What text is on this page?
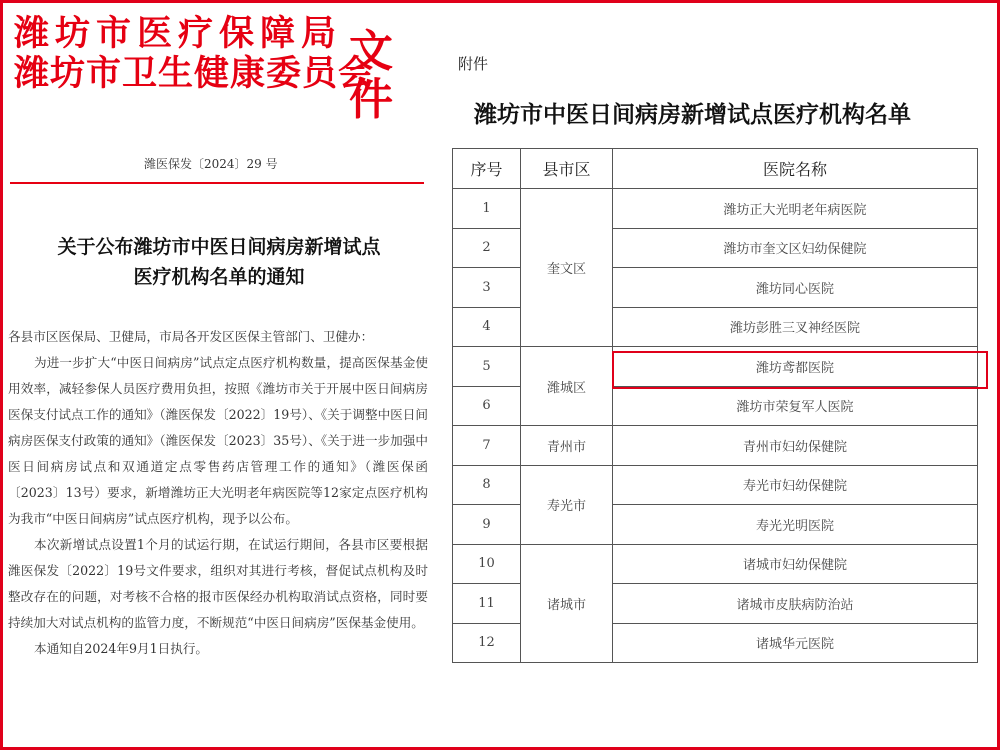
潍坊市医疗保障局
潍坊市卫生健康委员会
文件
潍医保发〔2024〕29 号
关于公布潍坊市中医日间病房新增试点
医疗机构名单的通知

各县市区医保局、卫健局，市局各开发区医保主管部门、卫健办：

为进一步扩大“中医日间病房”试点定点医疗机构数量，提高医保基金使用效率，减轻参保人员医疗费用负担，按照《潍坊市关于开展中医日间病房医保支付试点工作的通知》（潍医保发〔2022〕19号）、《关于调整中医日间病房医保支付政策的通知》（潍医保发〔2023〕35号）、《关于进一步加强中医日间病房试点和双通道定点零售药店管理工作的通知》（潍医保函〔2023〕13号）要求，新增潍坊正大光明老年病医院等12家定点医疗机构为我市“中医日间病房”试点医疗机构，现予以公布。

本次新增试点设置1个月的试运行期，在试运行期间，各县市区要根据潍医保发〔2022〕19号文件要求，组织对其进行考核，督促试点机构及时整改存在的问题，对考核不合格的报市医保经办机构取消试点资格，同时要持续加大对试点机构的监管力度，不断规范“中医日间病房”医保基金使用。

本通知自2024年9月1日执行。

附件
潍坊市中医日间病房新增试点医疗机构名单
序号	县市区	医院名称
1	奎文区	潍坊正大光明老年病医院
2		潍坊市奎文区妇幼保健院
3		潍坊同心医院
4		潍坊彭胜三叉神经医院
5	潍城区	潍坊鸢都医院
6		潍坊市荣复军人医院
7	青州市	青州市妇幼保健院
8	寿光市	寿光市妇幼保健院
9		寿光光明医院
10	诸城市	诸城市妇幼保健院
11		诸城市皮肤病防治站
12		诸城华元医院
